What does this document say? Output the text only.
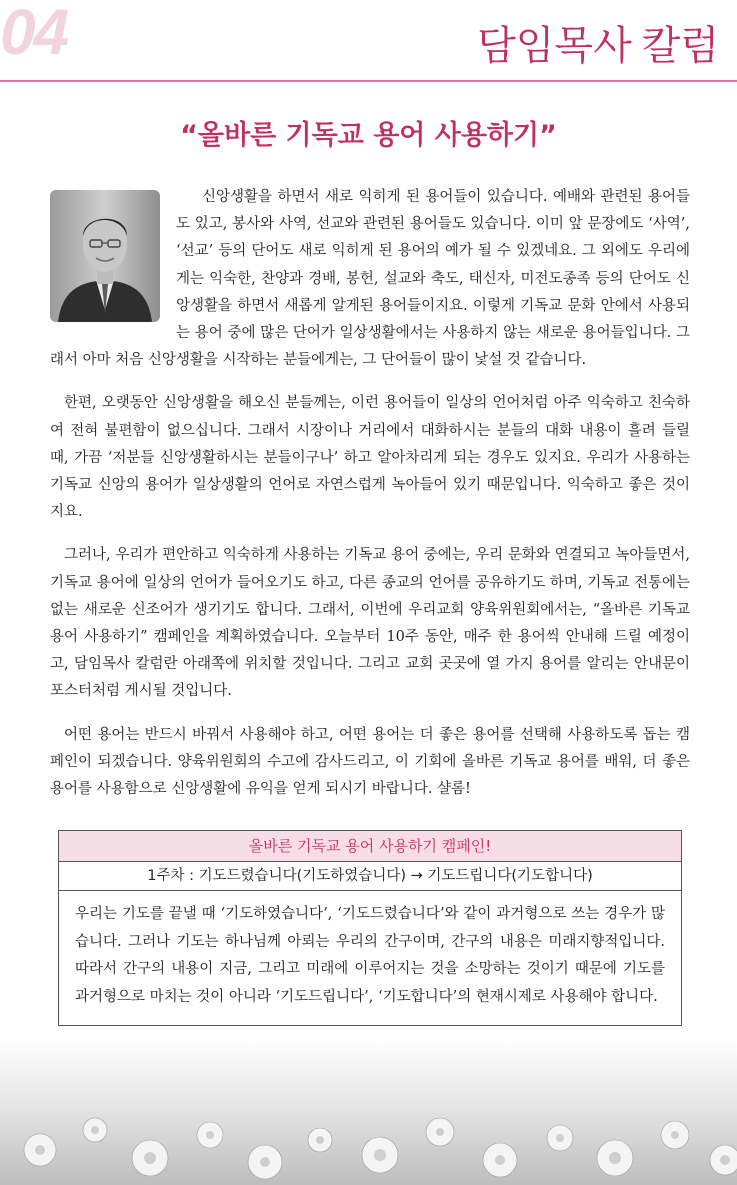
04	담임목사 칼럼
“올바른 기독교 용어 사용하기”

신앙생활을 하면서 새로 익히게 된 용어들이 있습니다. 예배와 관련된 용어들도 있고, 봉사와 사역, 선교와 관련된 용어들도 있습니다. 이미 앞 문장에도 ‘사역’, ‘선교’ 등의 단어도 새로 익히게 된 용어의 예가 될 수 있겠네요. 그 외에도 우리에게는 익숙한, 찬양과 경배, 봉헌, 설교와 축도, 태신자, 미전도종족 등의 단어도 신앙생활을 하면서 새롭게 알게된 용어들이지요. 이렇게 기독교 문화 안에서 사용되는 용어 중에 많은 단어가 일상생활에서는 사용하지 않는 새로운 용어들입니다. 그래서 아마 처음 신앙생활을 시작하는 분들에게는, 그 단어들이 많이 낯설 것 같습니다.

한편, 오랫동안 신앙생활을 해오신 분들께는, 이런 용어들이 일상의 언어처럼 아주 익숙하고 친숙하여 전혀 불편함이 없으십니다. 그래서 시장이나 거리에서 대화하시는 분들의 대화 내용이 흘려 들릴 때, 가끔 ‘저분들 신앙생활하시는 분들이구나’ 하고 알아차리게 되는 경우도 있지요. 우리가 사용하는 기독교 신앙의 용어가 일상생활의 언어로 자연스럽게 녹아들어 있기 때문입니다. 익숙하고 좋은 것이지요.

그러나, 우리가 편안하고 익숙하게 사용하는 기독교 용어 중에는, 우리 문화와 연결되고 녹아들면서, 기독교 용어에 일상의 언어가 들어오기도 하고, 다른 종교의 언어를 공유하기도 하며, 기독교 전통에는 없는 새로운 신조어가 생기기도 합니다. 그래서, 이번에 우리교회 양육위원회에서는, “올바른 기독교 용어 사용하기” 캠페인을 계획하였습니다. 오늘부터 10주 동안, 매주 한 용어씩 안내해 드릴 예정이고, 담임목사 칼럼란 아래쪽에 위치할 것입니다. 그리고 교회 곳곳에 열 가지 용어를 알리는 안내문이 포스터처럼 게시될 것입니다.

어떤 용어는 반드시 바꿔서 사용해야 하고, 어떤 용어는 더 좋은 용어를 선택해 사용하도록 돕는 캠페인이 되겠습니다. 양육위원회의 수고에 감사드리고, 이 기회에 올바른 기독교 용어를 배워, 더 좋은 용어를 사용함으로 신앙생활에 유익을 얻게 되시기 바랍니다. 샬롬!

올바른 기독교 용어 사용하기 캠페인!
1주차 : 기도드렸습니다(기도하였습니다) → 기도드립니다(기도합니다)
우리는 기도를 끝낼 때 ‘기도하였습니다’, ‘기도드렸습니다’와 같이 과거형으로 쓰는 경우가 많습니다. 그러나 기도는 하나님께 아뢰는 우리의 간구이며, 간구의 내용은 미래지향적입니다. 따라서 간구의 내용이 지금, 그리고 미래에 이루어지는 것을 소망하는 것이기 때문에 기도를 과거형으로 마치는 것이 아니라 ‘기도드립니다’, ‘기도합니다’의 현재시제로 사용해야 합니다.
